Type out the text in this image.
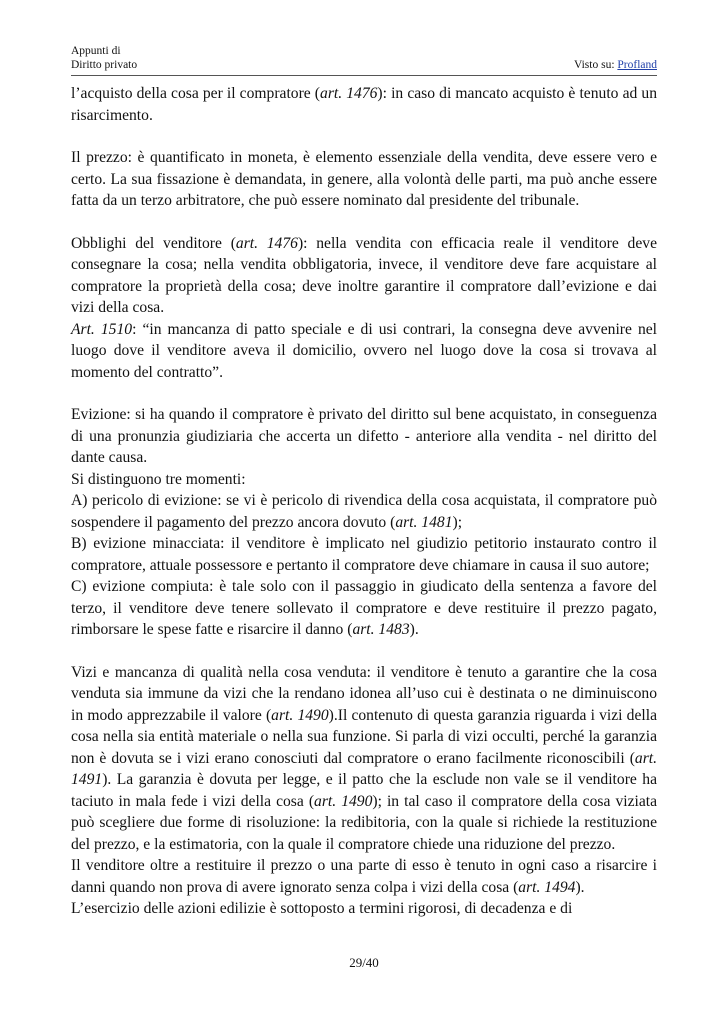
Appunti di
Diritto privato	Visto su: Profland

l’acquisto della cosa per il compratore (art. 1476): in caso di mancato acquisto è tenuto ad un risarcimento.

Il prezzo: è quantificato in moneta, è elemento essenziale della vendita, deve essere vero e certo. La sua fissazione è demandata, in genere, alla volontà delle parti, ma può anche essere fatta da un terzo arbitratore, che può essere nominato dal presidente del tribunale.

Obblighi del venditore (art. 1476): nella vendita con efficacia reale il venditore deve consegnare la cosa; nella vendita obbligatoria, invece, il venditore deve fare acquistare al compratore la proprietà della cosa; deve inoltre garantire il compratore dall’evizione e dai vizi della cosa.
Art. 1510: “in mancanza di patto speciale e di usi contrari, la consegna deve avvenire nel luogo dove il venditore aveva il domicilio, ovvero nel luogo dove la cosa si trovava al momento del contratto”.

Evizione: si ha quando il compratore è privato del diritto sul bene acquistato, in conseguenza di una pronunzia giudiziaria che accerta un difetto - anteriore alla vendita - nel diritto del dante causa.
Si distinguono tre momenti:
A) pericolo di evizione: se vi è pericolo di rivendica della cosa acquistata, il compratore può sospendere il pagamento del prezzo ancora dovuto (art. 1481);
B) evizione minacciata: il venditore è implicato nel giudizio petitorio instaurato contro il compratore, attuale possessore e pertanto il compratore deve chiamare in causa il suo autore;
C) evizione compiuta: è tale solo con il passaggio in giudicato della sentenza a favore del terzo, il venditore deve tenere sollevato il compratore e deve restituire il prezzo pagato, rimborsare le spese fatte e risarcire il danno (art. 1483).

Vizi e mancanza di qualità nella cosa venduta: il venditore è tenuto a garantire che la cosa venduta sia immune da vizi che la rendano idonea all’uso cui è destinata o ne diminuiscono in modo apprezzabile il valore (art. 1490).Il contenuto di questa garanzia riguarda i vizi della cosa nella sia entità materiale o nella sua funzione. Si parla di vizi occulti, perché la garanzia non è dovuta se i vizi erano conosciuti dal compratore o erano facilmente riconoscibili (art. 1491). La garanzia è dovuta per legge, e il patto che la esclude non vale se il venditore ha taciuto in mala fede i vizi della cosa (art. 1490); in tal caso il compratore della cosa viziata può scegliere due forme di risoluzione: la redibitoria, con la quale si richiede la restituzione del prezzo, e la estimatoria, con la quale il compratore chiede una riduzione del prezzo.
Il venditore oltre a restituire il prezzo o una parte di esso è tenuto in ogni caso a risarcire i danni quando non prova di avere ignorato senza colpa i vizi della cosa (art. 1494).
L’esercizio delle azioni edilizie è sottoposto a termini rigorosi, di decadenza e di

29/40
